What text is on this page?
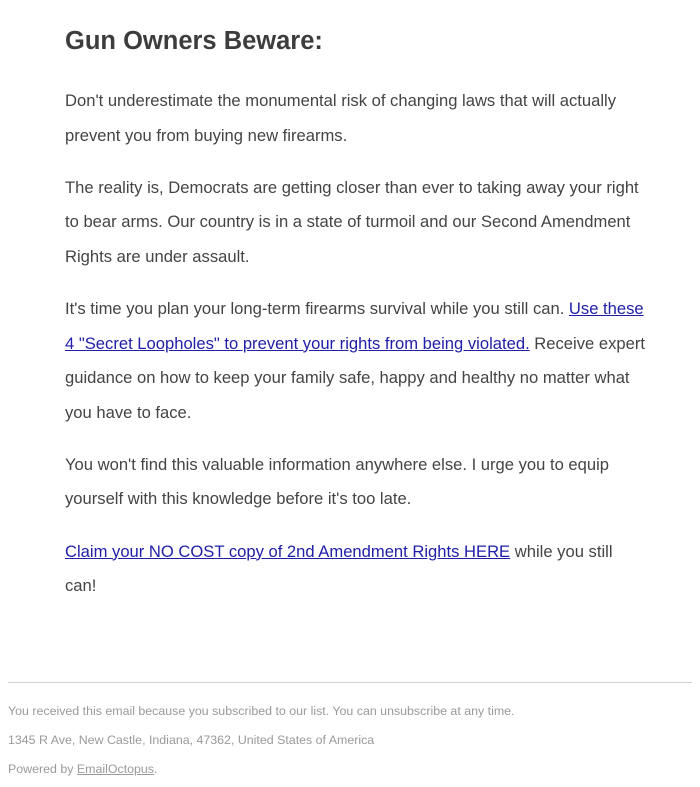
Gun Owners Beware:

Don't underestimate the monumental risk of changing laws that will actually prevent you from buying new firearms.

The reality is, Democrats are getting closer than ever to taking away your right to bear arms. Our country is in a state of turmoil and our Second Amendment Rights are under assault.

It's time you plan your long-term firearms survival while you still can. Use these 4 "Secret Loopholes" to prevent your rights from being violated. Receive expert guidance on how to keep your family safe, happy and healthy no matter what you have to face.

You won't find this valuable information anywhere else. I urge you to equip yourself with this knowledge before it's too late.

Claim your NO COST copy of 2nd Amendment Rights HERE while you still can!

You received this email because you subscribed to our list. You can unsubscribe at any time.
1345 R Ave, New Castle, Indiana, 47362, United States of America
Powered by EmailOctopus.
